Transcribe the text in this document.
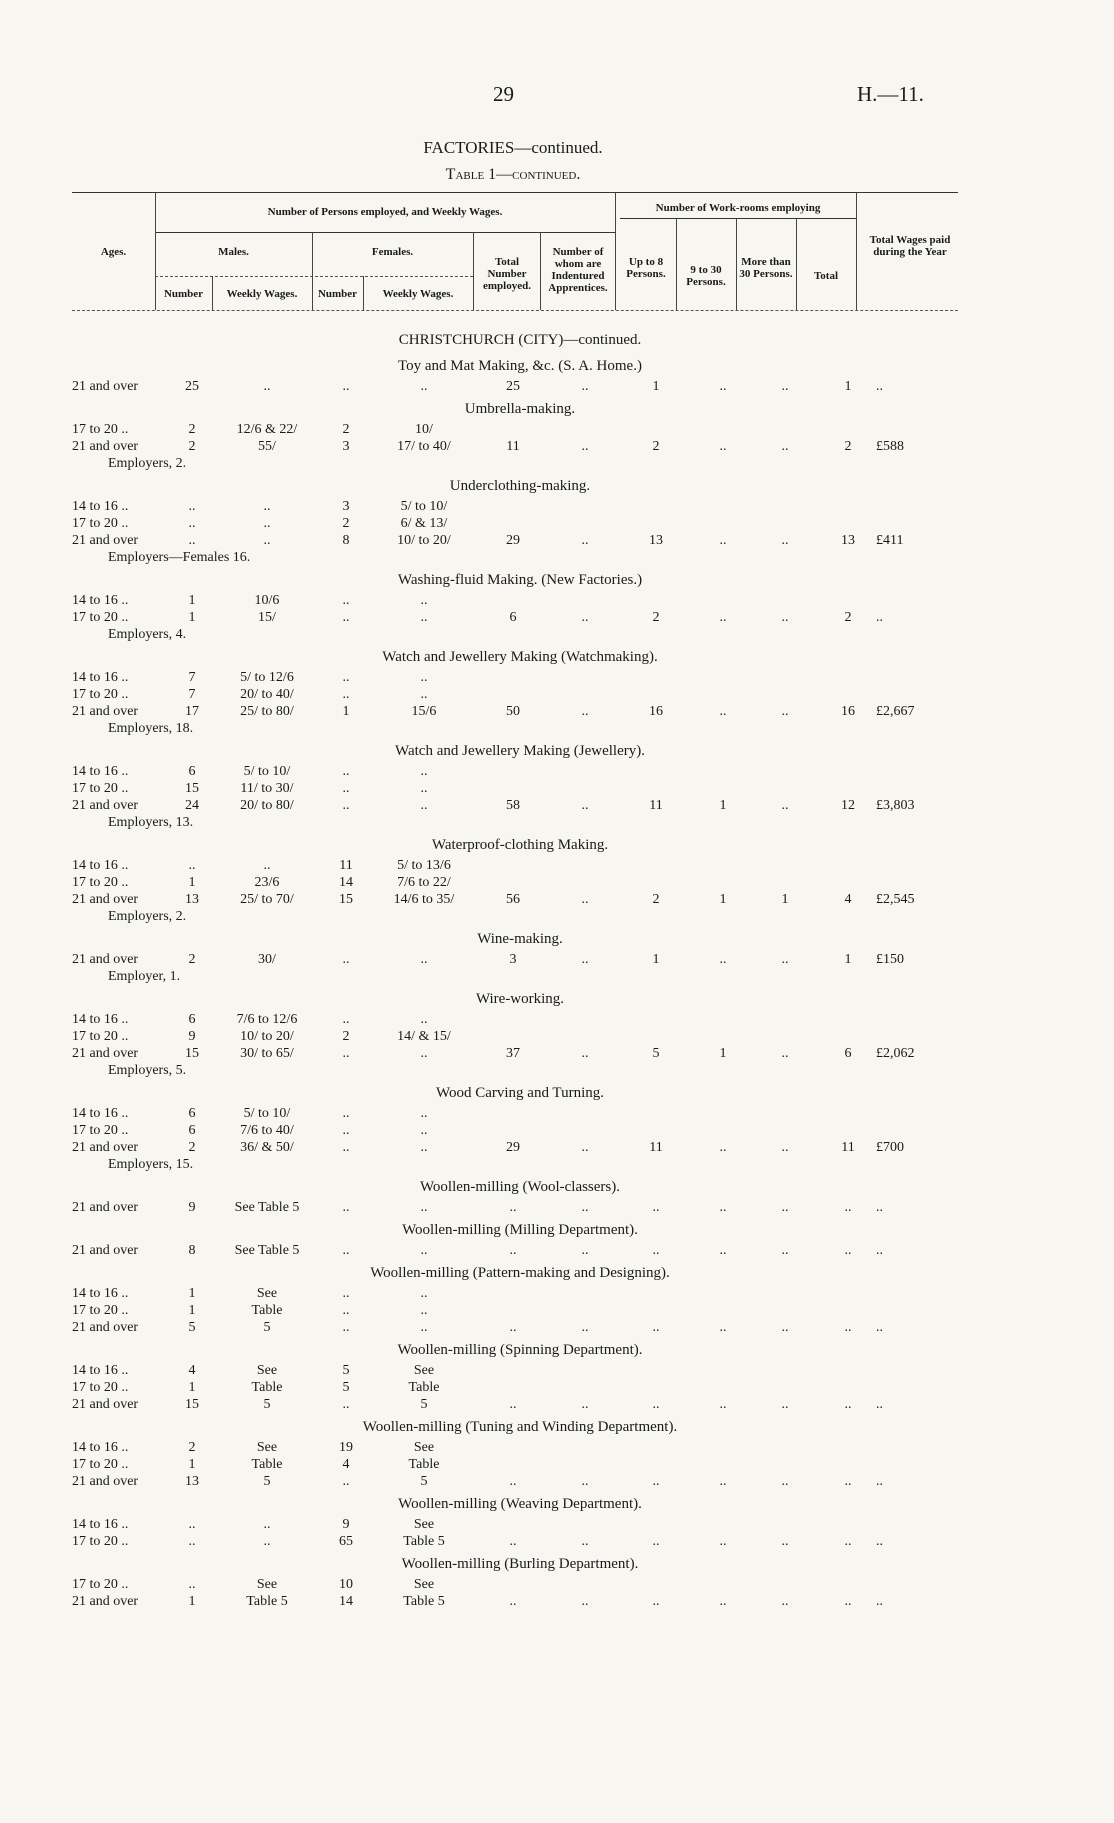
29	H.—11.
FACTORIES—continued.
Table 1—continued.
Ages.
Number of Persons employed, and Weekly Wages.	Number of Work-rooms employing
Males.	Females.
Number	Weekly Wages.	Number	Weekly Wages.
Total Number employed.
Number of whom are Indentured Apprentices.
Up to 8 Persons.	9 to 30 Persons.
More than 30 Persons.	Total
Total Wages paid during the Year
CHRISTCHURCH (CITY)—continued.
Toy and Mat Making, &c. (S. A. Home.)
21 and over	25	..	..	..	25	..	1	..	..	1	..
Umbrella-making.
17 to 20 ..	2	12/6 & 22/	2	10/
21 and over	2	55/	3	17/ to 40/	11	..	2	..	..	2	£588
Employers, 2.
Underclothing-making.
14 to 16 ..	..	..	3	5/ to 10/
17 to 20 ..	..	..	2	6/ & 13/
21 and over	..	..	8	10/ to 20/	29	..	13	..	..	13	£411
Employers—Females 16.
Washing-fluid Making. (New Factories.)
14 to 16 ..	1	10/6	..	..
17 to 20 ..	1	15/	..	..	6	..	2	..	..	2	..
Employers, 4.
Watch and Jewellery Making (Watchmaking).
14 to 16 ..	7	5/ to 12/6	..	..
17 to 20 ..	7	20/ to 40/	..	..
21 and over	17	25/ to 80/	1	15/6	50	..	16	..	..	16	£2,667
Employers, 18.
Watch and Jewellery Making (Jewellery).
14 to 16 ..	6	5/ to 10/	..	..
17 to 20 ..	15	11/ to 30/	..	..
21 and over	24	20/ to 80/	..	..	58	..	11	1	..	12	£3,803
Employers, 13.
Waterproof-clothing Making.
14 to 16 ..	..	..	11	5/ to 13/6
17 to 20 ..	1	23/6	14	7/6 to 22/
21 and over	13	25/ to 70/	15	14/6 to 35/	56	..	2	1	1	4	£2,545
Employers, 2.
Wine-making.
21 and over	2	30/	..	..	3	..	1	..	..	1	£150
Employer, 1.
Wire-working.
14 to 16 ..	6	7/6 to 12/6	..	..
17 to 20 ..	9	10/ to 20/	2	14/ & 15/
21 and over	15	30/ to 65/	..	..	37	..	5	1	..	6	£2,062
Employers, 5.
Wood Carving and Turning.
14 to 16 ..	6	5/ to 10/	..	..
17 to 20 ..	6	7/6 to 40/	..	..
21 and over	2	36/ & 50/	..	..	29	..	11	..	..	11	£700
Employers, 15.
Woollen-milling (Wool-classers).
21 and over	9	See Table 5	..	..	..	..	..	..	..	..	..
Woollen-milling (Milling Department).
21 and over	8	See Table 5	..	..	..	..	..	..	..	..	..
Woollen-milling (Pattern-making and Designing).
14 to 16 ..	1	See	..	..
17 to 20 ..	1	Table	..	..
21 and over	5	5	..	..	..	..	..	..	..	..	..
Woollen-milling (Spinning Department).
14 to 16 ..	4	See	5	See
17 to 20 ..	1	Table	5	Table
21 and over	15	5	..	5	..	..	..	..	..	..	..
Woollen-milling (Tuning and Winding Department).
14 to 16 ..	2	See	19	See
17 to 20 ..	1	Table	4	Table
21 and over	13	5	..	5	..	..	..	..	..	..	..
Woollen-milling (Weaving Department).
14 to 16 ..	..	..	9	See
17 to 20 ..	..	..	65	Table 5	..	..	..	..	..	..	..
Woollen-milling (Burling Department).
17 to 20 ..	..	See	10	See
21 and over	1	Table 5	14	Table 5	..	..	..	..	..	..	..
